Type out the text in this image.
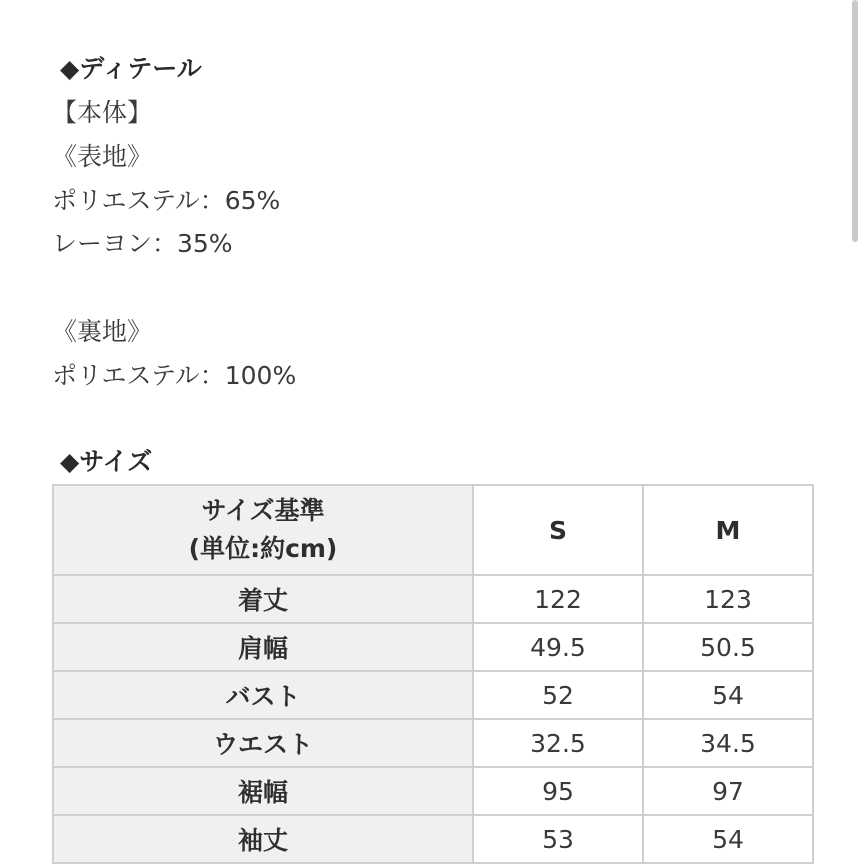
◆ディテール
【本体】
《表地》
ポリエステル：65%
レーヨン：35%
《裏地》
ポリエステル：100%
◆サイズ
サイズ基準
(単位:約cm)	S	M
着丈	122	123
肩幅	49.5	50.5
バスト	52	54
ウエスト	32.5	34.5
裾幅	95	97
袖丈	53	54
